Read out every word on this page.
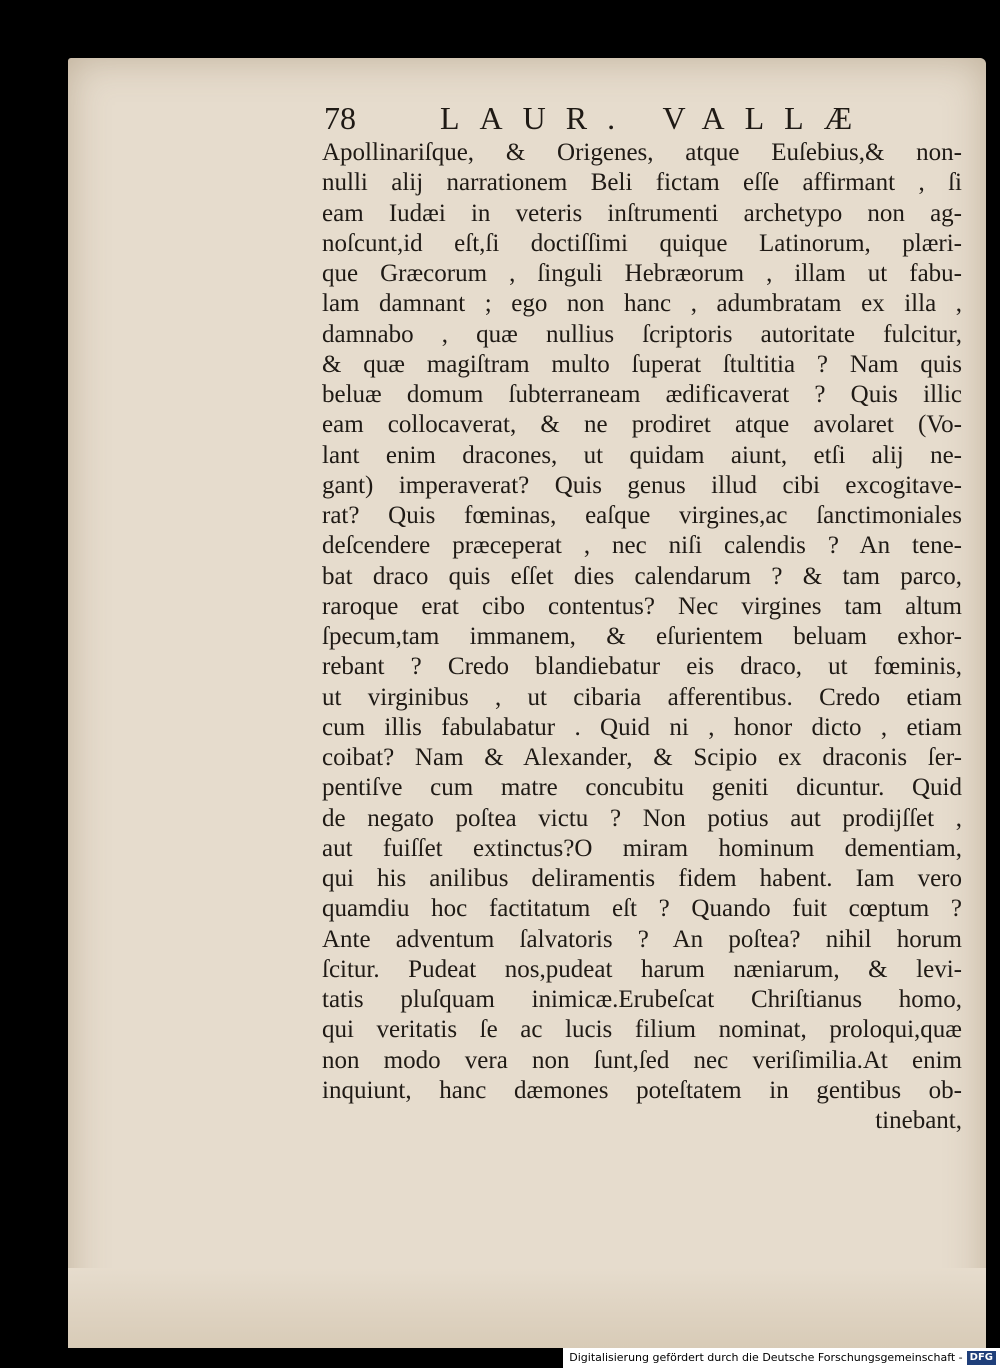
78	LAUR. VALLÆ
Apollinariſque, & Origenes, atque Euſebius,& non-
nulli alij narrationem Beli fictam eſſe affirmant , ſi
eam Iudæi in veteris inſtrumenti archetypo non ag-
noſcunt,id eſt,ſi doctiſſimi quique Latinorum, plæri-
que Græcorum , ſinguli Hebræorum , illam ut fabu-
lam damnant ; ego non hanc , adumbratam ex illa ,
damnabo , quæ nullius ſcriptoris autoritate fulcitur,
& quæ magiſtram multo ſuperat ſtultitia ? Nam quis
beluæ domum ſubterraneam ædificaverat ? Quis illic
eam collocaverat, & ne prodiret atque avolaret (Vo-
lant enim dracones, ut quidam aiunt, etſi alij ne-
gant) imperaverat? Quis genus illud cibi excogitave-
rat? Quis fœminas, eaſque virgines,ac ſanctimoniales
deſcendere præceperat , nec niſi calendis ? An tene-
bat draco quis eſſet dies calendarum ? & tam parco,
raroque erat cibo contentus? Nec virgines tam altum
ſpecum,tam immanem, & eſurientem beluam exhor-
rebant ? Credo blandiebatur eis draco, ut fœminis,
ut virginibus , ut cibaria afferentibus. Credo etiam
cum illis fabulabatur . Quid ni , honor dicto , etiam
coibat? Nam & Alexander, & Scipio ex draconis ſer-
pentiſve cum matre concubitu geniti dicuntur. Quid
de negato poſtea victu ? Non potius aut prodijſſet ,
aut fuiſſet extinctus?O miram hominum dementiam,
qui his anilibus deliramentis fidem habent. Iam vero
quamdiu hoc factitatum eſt ? Quando fuit cœptum ?
Ante adventum ſalvatoris ? An poſtea? nihil horum
ſcitur. Pudeat nos,pudeat harum næniarum, & levi-
tatis pluſquam inimicæ.Erubeſcat Chriſtianus homo,
qui veritatis ſe ac lucis filium nominat, proloqui,quæ
non modo vera non ſunt,ſed nec veriſimilia.At enim
inquiunt, hanc dæmones poteſtatem in gentibus ob-
tinebant,
Digitalisierung gefördert durch die Deutsche Forschungsgemeinschaft - DFG
